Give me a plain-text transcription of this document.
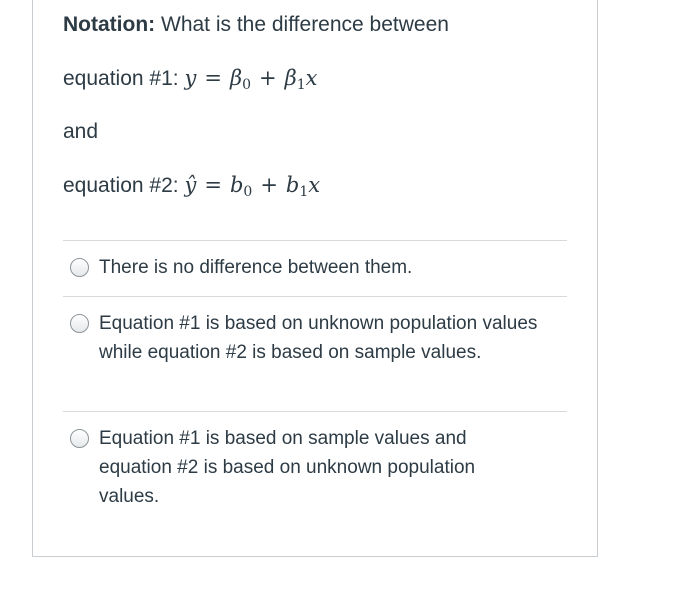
Notation: What is the difference between
equation #1: $y = \beta_0 + \beta_1x$
and
equation #2: ŷ = $b_0 + b_1x$
There is no difference between them.
Equation #1 is based on unknown population values while equation #2 is based on sample values.
Equation #1 is based on sample values and equation #2 is based on unknown population values.
